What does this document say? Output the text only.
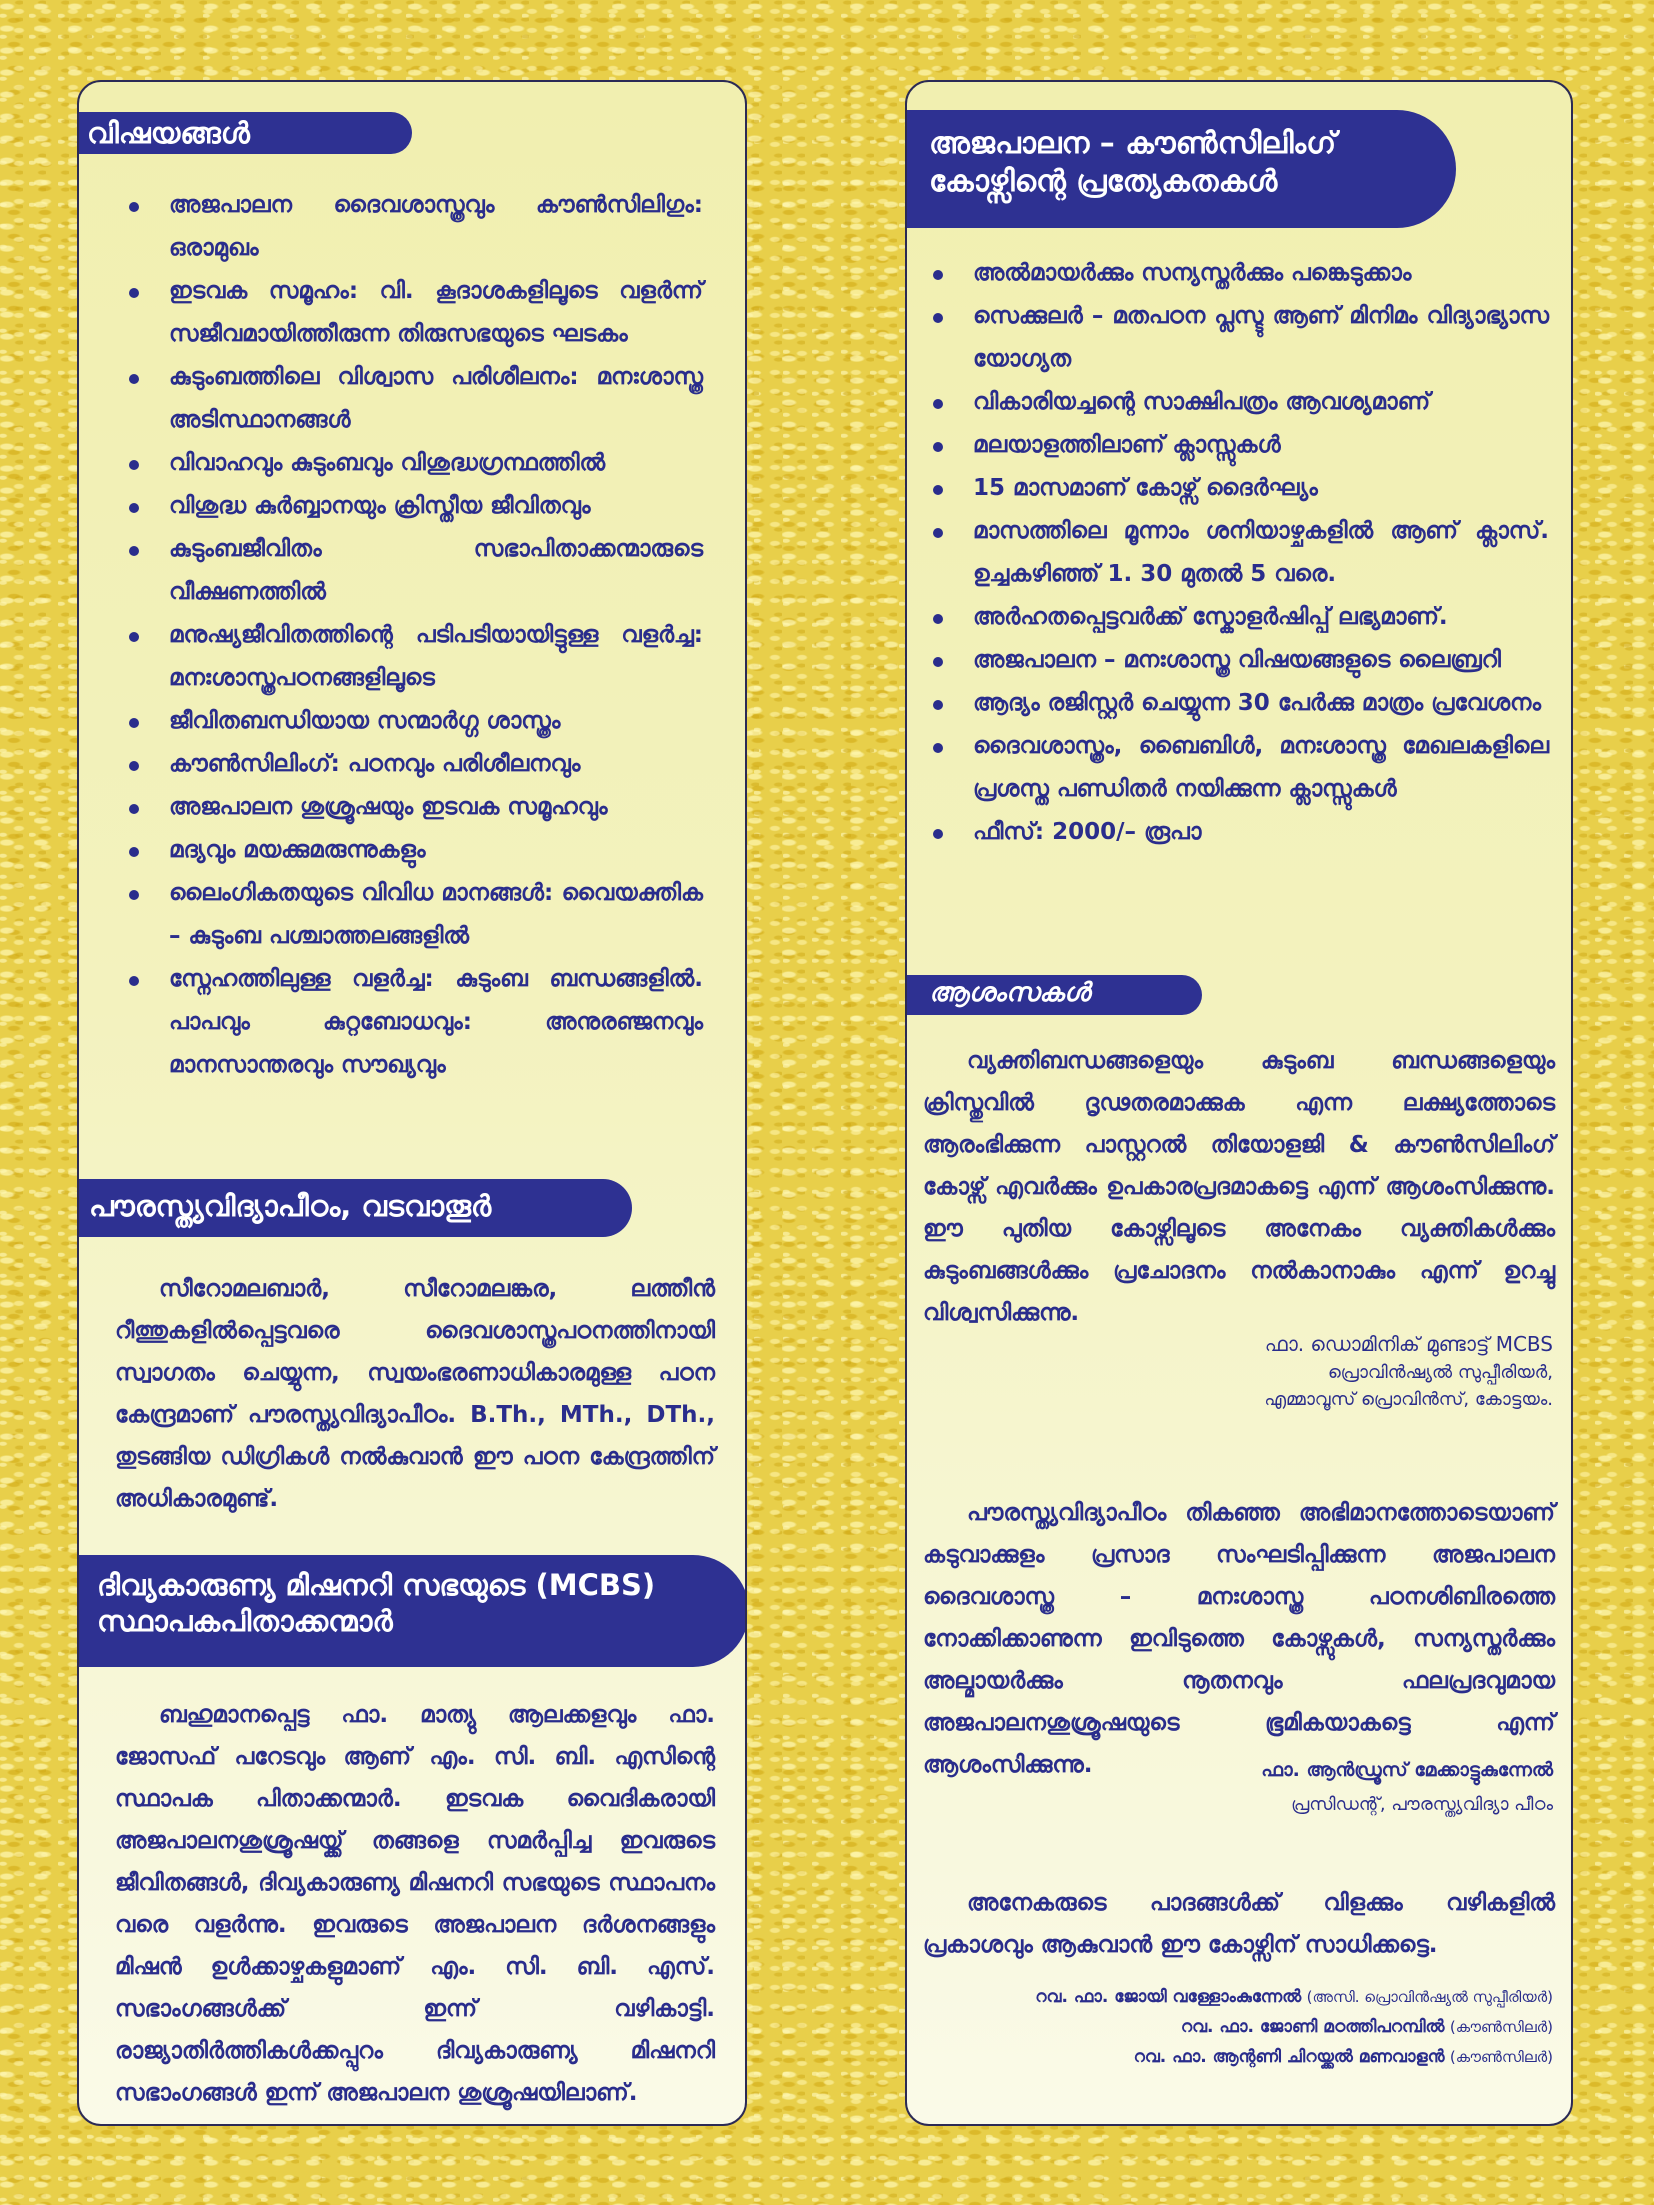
വിഷയങ്ങൾ
അജപാലന ദൈവശാസ്ത്രവും കൗൺസിലിഗും: ഒരാമുഖം
ഇടവക സമൂഹം: വി. കൂദാശകളിലൂടെ വളർന്ന് സജീവമായിത്തീരുന്ന തിരുസഭയുടെ ഘടകം
കുടുംബത്തിലെ വിശ്വാസ പരിശീലനം: മനഃശാസ്ത്ര അടിസ്ഥാനങ്ങൾ
വിവാഹവും കുടുംബവും വിശുദ്ധഗ്രന്ഥത്തിൽ
വിശുദ്ധ കുർബ്ബാനയും ക്രിസ്തീയ ജീവിതവും
കുടുംബജീവിതം സഭാപിതാക്കന്മാരുടെ വീക്ഷണത്തിൽ
മനുഷ്യജീവിതത്തിന്റെ പടിപടിയായിട്ടുള്ള വളർച്ച: മനഃശാസ്ത്രപഠനങ്ങളിലൂടെ
ജീവിതബന്ധിയായ സന്മാർഗ്ഗ ശാസ്ത്രം
കൗൺസിലിംഗ്: പഠനവും പരിശീലനവും
അജപാലന ശുശ്രൂഷയും ഇടവക സമൂഹവും
മദ്യവും മയക്കുമരുന്നുകളും
ലൈംഗികതയുടെ വിവിധ മാനങ്ങൾ: വൈയക്തിക – കുടുംബ പശ്ചാത്തലങ്ങളിൽ
സ്നേഹത്തിലുള്ള വളർച്ച: കുടുംബ ബന്ധങ്ങളിൽ. പാപവും കുറ്റബോധവും: അനുരഞ്ജനവും മാനസാന്തരവും സൗഖ്യവും
പൗരസ്ത്യവിദ്യാപീഠം, വടവാതൂർ

സീറോമലബാർ, സീറോമലങ്കര, ലത്തീൻ റീത്തുകളിൽപ്പെട്ടവരെ ദൈവശാസ്ത്രപഠനത്തിനായി സ്വാഗതം ചെയ്യുന്ന, സ്വയംഭരണാധികാരമുള്ള പഠന കേന്ദ്രമാണ് പൗരസ്ത്യവിദ്യാപീഠം. B.Th., MTh., DTh., തുടങ്ങിയ ഡിഗ്രികൾ നൽകുവാൻ ഈ പഠന കേന്ദ്രത്തിന് അധികാരമുണ്ട്.

ദിവ്യകാരുണ്യ മിഷനറി സഭയുടെ (MCBS)
സ്ഥാപകപിതാക്കന്മാർ

ബഹുമാനപ്പെട്ട ഫാ. മാത്യു ആലക്കളവും ഫാ. ജോസഫ് പറേടവും ആണ് എം. സി. ബി. എസിന്റെ സ്ഥാപക പിതാക്കന്മാർ. ഇടവക വൈദികരായി അജപാലനശുശ്രൂഷയ്ക്ക് തങ്ങളെ സമർപ്പിച്ച ഇവരുടെ ജീവിതങ്ങൾ, ദിവ്യകാരുണ്യ മിഷനറി സഭയുടെ സ്ഥാപനം വരെ വളർന്നു. ഇവരുടെ അജപാലന ദർശനങ്ങളും മിഷൻ ഉൾക്കാഴ്ചകളുമാണ് എം. സി. ബി. എസ്. സഭാംഗങ്ങൾക്ക് ഇന്ന് വഴികാട്ടി. രാജ്യാതിർത്തികൾക്കപ്പുറം ദിവ്യകാരുണ്യ മിഷനറി സഭാംഗങ്ങൾ ഇന്ന് അജപാലന ശുശ്രൂഷയിലാണ്.

അജപാലന – കൗൺസിലിംഗ്
കോഴ്സിന്റെ പ്രത്യേകതകൾ
അൽമായർക്കും സന്യസ്തർക്കും പങ്കെടുക്കാം
സെക്കുലർ – മതപഠന പ്ലസ്ടു ആണ് മിനിമം വിദ്യാഭ്യാസ യോഗ്യത
വികാരിയച്ചന്റെ സാക്ഷിപത്രം ആവശ്യമാണ്
മലയാളത്തിലാണ് ക്ലാസ്സുകൾ
15 മാസമാണ് കോഴ്സ് ദൈർഘ്യം
മാസത്തിലെ മൂന്നാം ശനിയാഴ്ചകളിൽ ആണ് ക്ലാസ്. ഉച്ചകഴിഞ്ഞ് 1. 30 മുതൽ 5 വരെ.
അർഹതപ്പെട്ടവർക്ക് സ്കോളർഷിപ്പ് ലഭ്യമാണ്.
അജപാലന – മനഃശാസ്ത്ര വിഷയങ്ങളുടെ ലൈബ്രറി
ആദ്യം രജിസ്റ്റർ ചെയ്യുന്ന 30 പേർക്കു മാത്രം പ്രവേശനം
ദൈവശാസ്ത്രം, ബൈബിൾ, മനഃശാസ്ത്ര മേഖലകളിലെ പ്രശസ്ത പണ്ഡിതർ നയിക്കുന്ന ക്ലാസ്സുകൾ
ഫീസ്: 2000/– രൂപാ
ആശംസകൾ

വ്യക്തിബന്ധങ്ങളെയും കുടുംബ ബന്ധങ്ങളെയും ക്രിസ്തുവിൽ ദൃഢതരമാക്കുക എന്ന ലക്ഷ്യത്തോടെ ആരംഭിക്കുന്ന പാസ്റ്ററൽ തിയോളജി & കൗൺസിലിംഗ് കോഴ്സ് എവർക്കും ഉപകാരപ്രദമാകട്ടെ എന്ന് ആശംസിക്കുന്നു. ഈ പുതിയ കോഴ്സിലൂടെ അനേകം വ്യക്തികൾക്കും കുടുംബങ്ങൾക്കും പ്രചോദനം നൽകാനാകും എന്ന് ഉറച്ചു വിശ്വസിക്കുന്നു.

ഫാ. ഡൊമിനിക് മുണ്ടാട്ട് MCBS
പ്രൊവിൻഷ്യൽ സുപ്പീരിയർ,
എമ്മാവൂസ് പ്രൊവിൻസ്, കോട്ടയം.

പൗരസ്ത്യവിദ്യാപീഠം തികഞ്ഞ അഭിമാനത്തോടെയാണ് കടുവാക്കുളം പ്രസാദ സംഘടിപ്പിക്കുന്ന അജപാലന ദൈവശാസ്ത്ര – മനഃശാസ്ത്ര പഠനശിബിരത്തെ നോക്കിക്കാണുന്ന ഇവിടുത്തെ കോഴ്സുകൾ, സന്യസ്തർക്കും അല്മായർക്കും നൂതനവും ഫലപ്രദവുമായ അജപാലനശുശ്രൂഷയുടെ ഭൂമികയാകട്ടെ എന്ന് ആശംസിക്കുന്നു.	ഫാ. ആൻഡ്രൂസ് മേക്കാട്ടുകുന്നേൽ
പ്രസിഡന്റ്, പൗരസ്ത്യവിദ്യാ പീഠം

അനേകരുടെ പാദങ്ങൾക്ക് വിളക്കും വഴികളിൽ പ്രകാശവും ആകുവാൻ ഈ കോഴ്സിന് സാധിക്കട്ടെ.

റവ. ഫാ. ജോയി വള്ളോംകുന്നേൽ (അസി. പ്രൊവിൻഷ്യൽ സുപ്പീരിയർ)
റവ. ഫാ. ജോണി മഠത്തിപറമ്പിൽ (കൗൺസിലർ)
റവ. ഫാ. ആന്റണി ചിറയ്ക്കൽ മണവാളൻ (കൗൺസിലർ)
